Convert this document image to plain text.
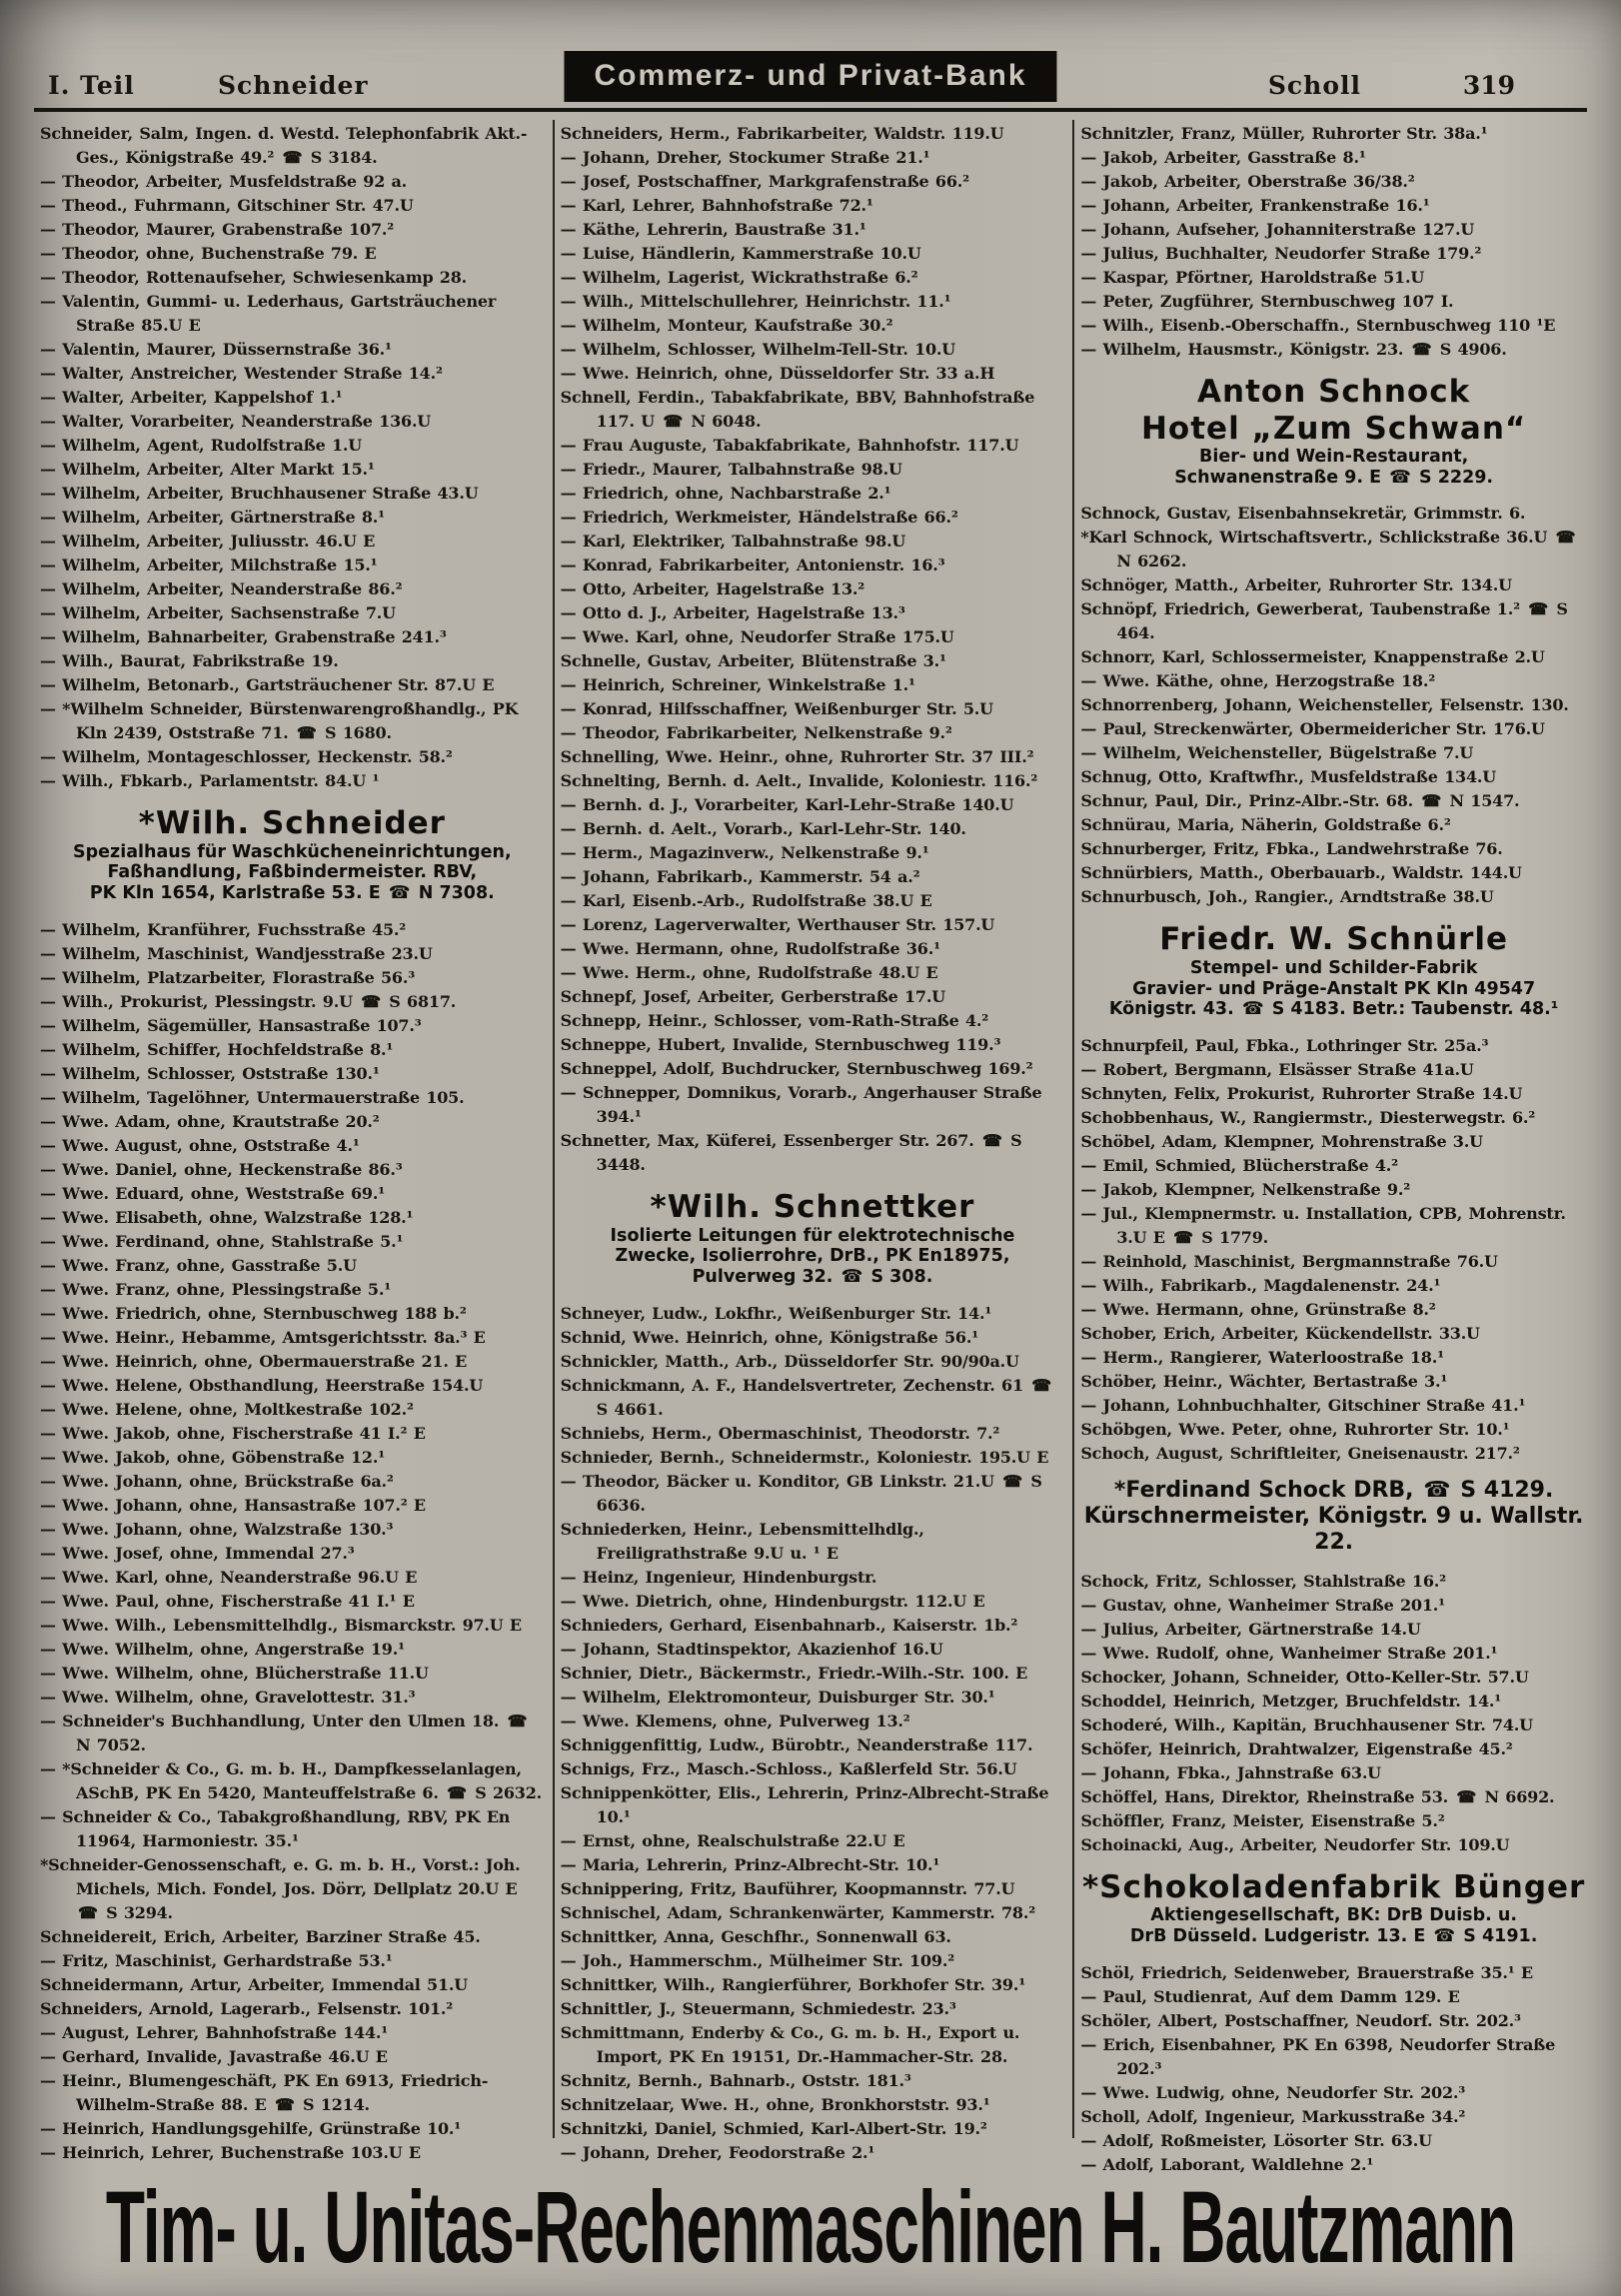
I. Teil	Schneider	Commerz- und Privat-Bank	Scholl	319
Schneider, Salm, Ingen. d. Westd. Telephonfabrik Akt.-Ges., Königstraße 49.² ☎ S 3184.
— Theodor, Arbeiter, Musfeldstraße 92 a.
— Theod., Fuhrmann, Gitschiner Str. 47.U
— Theodor, Maurer, Grabenstraße 107.²
— Theodor, ohne, Buchenstraße 79. E
— Theodor, Rottenaufseher, Schwiesenkamp 28.
— Valentin, Gummi- u. Lederhaus, Gartsträuchener Straße 85.U E
— Valentin, Maurer, Düssernstraße 36.¹
— Walter, Anstreicher, Westender Straße 14.²
— Walter, Arbeiter, Kappelshof 1.¹
— Walter, Vorarbeiter, Neanderstraße 136.U
— Wilhelm, Agent, Rudolfstraße 1.U
— Wilhelm, Arbeiter, Alter Markt 15.¹
— Wilhelm, Arbeiter, Bruchhausener Straße 43.U
— Wilhelm, Arbeiter, Gärtnerstraße 8.¹
— Wilhelm, Arbeiter, Juliusstr. 46.U E
— Wilhelm, Arbeiter, Milchstraße 15.¹
— Wilhelm, Arbeiter, Neanderstraße 86.²
— Wilhelm, Arbeiter, Sachsenstraße 7.U
— Wilhelm, Bahnarbeiter, Grabenstraße 241.³
— Wilh., Baurat, Fabrikstraße 19.
— Wilhelm, Betonarb., Gartsträuchener Str. 87.U E
— *Wilhelm Schneider, Bürstenwarengroßhandlg., PK Kln 2439, Oststraße 71. ☎ S 1680.
— Wilhelm, Montageschlosser, Heckenstr. 58.²
— Wilh., Fbkarb., Parlamentstr. 84.U ¹
*Wilh. Schneider
Spezialhaus für Waschkücheneinrichtungen,
Faßhandlung, Faßbindermeister. RBV,
PK Kln 1654, Karlstraße 53. E ☎ N 7308.
— Wilhelm, Kranführer, Fuchsstraße 45.²
— Wilhelm, Maschinist, Wandjesstraße 23.U
— Wilhelm, Platzarbeiter, Florastraße 56.³
— Wilh., Prokurist, Plessingstr. 9.U ☎ S 6817.
— Wilhelm, Sägemüller, Hansastraße 107.³
— Wilhelm, Schiffer, Hochfeldstraße 8.¹
— Wilhelm, Schlosser, Oststraße 130.¹
— Wilhelm, Tagelöhner, Untermauerstraße 105.
— Wwe. Adam, ohne, Krautstraße 20.²
— Wwe. August, ohne, Oststraße 4.¹
— Wwe. Daniel, ohne, Heckenstraße 86.³
— Wwe. Eduard, ohne, Weststraße 69.¹
— Wwe. Elisabeth, ohne, Walzstraße 128.¹
— Wwe. Ferdinand, ohne, Stahlstraße 5.¹
— Wwe. Franz, ohne, Gasstraße 5.U
— Wwe. Franz, ohne, Plessingstraße 5.¹
— Wwe. Friedrich, ohne, Sternbuschweg 188 b.²
— Wwe. Heinr., Hebamme, Amtsgerichtsstr. 8a.³ E
— Wwe. Heinrich, ohne, Obermauerstraße 21. E
— Wwe. Helene, Obsthandlung, Heerstraße 154.U
— Wwe. Helene, ohne, Moltkestraße 102.²
— Wwe. Jakob, ohne, Fischerstraße 41 I.² E
— Wwe. Jakob, ohne, Göbenstraße 12.¹
— Wwe. Johann, ohne, Brückstraße 6a.²
— Wwe. Johann, ohne, Hansastraße 107.² E
— Wwe. Johann, ohne, Walzstraße 130.³
— Wwe. Josef, ohne, Immendal 27.³
— Wwe. Karl, ohne, Neanderstraße 96.U E
— Wwe. Paul, ohne, Fischerstraße 41 I.¹ E
— Wwe. Wilh., Lebensmittelhdlg., Bismarckstr. 97.U E
— Wwe. Wilhelm, ohne, Angerstraße 19.¹
— Wwe. Wilhelm, ohne, Blücherstraße 11.U
— Wwe. Wilhelm, ohne, Gravelottestr. 31.³
— Schneider's Buchhandlung, Unter den Ulmen 18. ☎ N 7052.
— *Schneider & Co., G. m. b. H., Dampfkesselanlagen, ASchB, PK En 5420, Manteuffelstraße 6. ☎ S 2632.
— Schneider & Co., Tabakgroßhandlung, RBV, PK En 11964, Harmoniestr. 35.¹
*Schneider-Genossenschaft, e. G. m. b. H., Vorst.: Joh. Michels, Mich. Fondel, Jos. Dörr, Dellplatz 20.U E ☎ S 3294.
Schneidereit, Erich, Arbeiter, Barziner Straße 45.
— Fritz, Maschinist, Gerhardstraße 53.¹
Schneidermann, Artur, Arbeiter, Immendal 51.U
Schneiders, Arnold, Lagerarb., Felsenstr. 101.²
— August, Lehrer, Bahnhofstraße 144.¹
— Gerhard, Invalide, Javastraße 46.U E
— Heinr., Blumengeschäft, PK En 6913, Friedrich-Wilhelm-Straße 88. E ☎ S 1214.
— Heinrich, Handlungsgehilfe, Grünstraße 10.¹
— Heinrich, Lehrer, Buchenstraße 103.U E
Schneiders, Herm., Fabrikarbeiter, Waldstr. 119.U
— Johann, Dreher, Stockumer Straße 21.¹
— Josef, Postschaffner, Markgrafenstraße 66.²
— Karl, Lehrer, Bahnhofstraße 72.¹
— Käthe, Lehrerin, Baustraße 31.¹
— Luise, Händlerin, Kammerstraße 10.U
— Wilhelm, Lagerist, Wickrathstraße 6.²
— Wilh., Mittelschullehrer, Heinrichstr. 11.¹
— Wilhelm, Monteur, Kaufstraße 30.²
— Wilhelm, Schlosser, Wilhelm-Tell-Str. 10.U
— Wwe. Heinrich, ohne, Düsseldorfer Str. 33 a.H
Schnell, Ferdin., Tabakfabrikate, BBV, Bahnhofstraße 117. U ☎ N 6048.
— Frau Auguste, Tabakfabrikate, Bahnhofstr. 117.U
— Friedr., Maurer, Talbahnstraße 98.U
— Friedrich, ohne, Nachbarstraße 2.¹
— Friedrich, Werkmeister, Händelstraße 66.²
— Karl, Elektriker, Talbahnstraße 98.U
— Konrad, Fabrikarbeiter, Antonienstr. 16.³
— Otto, Arbeiter, Hagelstraße 13.²
— Otto d. J., Arbeiter, Hagelstraße 13.³
— Wwe. Karl, ohne, Neudorfer Straße 175.U
Schnelle, Gustav, Arbeiter, Blütenstraße 3.¹
— Heinrich, Schreiner, Winkelstraße 1.¹
— Konrad, Hilfsschaffner, Weißenburger Str. 5.U
— Theodor, Fabrikarbeiter, Nelkenstraße 9.²
Schnelling, Wwe. Heinr., ohne, Ruhrorter Str. 37 III.²
Schnelting, Bernh. d. Aelt., Invalide, Koloniestr. 116.²
— Bernh. d. J., Vorarbeiter, Karl-Lehr-Straße 140.U
— Bernh. d. Aelt., Vorarb., Karl-Lehr-Str. 140.
— Herm., Magazinverw., Nelkenstraße 9.¹
— Johann, Fabrikarb., Kammerstr. 54 a.²
— Karl, Eisenb.-Arb., Rudolfstraße 38.U E
— Lorenz, Lagerverwalter, Werthauser Str. 157.U
— Wwe. Hermann, ohne, Rudolfstraße 36.¹
— Wwe. Herm., ohne, Rudolfstraße 48.U E
Schnepf, Josef, Arbeiter, Gerberstraße 17.U
Schnepp, Heinr., Schlosser, vom-Rath-Straße 4.²
Schneppe, Hubert, Invalide, Sternbuschweg 119.³
Schneppel, Adolf, Buchdrucker, Sternbuschweg 169.²
— Schnepper, Domnikus, Vorarb., Angerhauser Straße 394.¹
Schnetter, Max, Küferei, Essenberger Str. 267. ☎ S 3448.
*Wilh. Schnettker
Isolierte Leitungen für elektrotechnische
Zwecke, Isolierrohre, DrB., PK En18975,
Pulverweg 32. ☎ S 308.
Schneyer, Ludw., Lokfhr., Weißenburger Str. 14.¹
Schnid, Wwe. Heinrich, ohne, Königstraße 56.¹
Schnickler, Matth., Arb., Düsseldorfer Str. 90/90a.U
Schnickmann, A. F., Handelsvertreter, Zechenstr. 61 ☎ S 4661.
Schniebs, Herm., Obermaschinist, Theodorstr. 7.²
Schnieder, Bernh., Schneidermstr., Koloniestr. 195.U E
— Theodor, Bäcker u. Konditor, GB Linkstr. 21.U ☎ S 6636.
Schniederken, Heinr., Lebensmittelhdlg., Freiligrathstraße 9.U u. ¹ E
— Heinz, Ingenieur, Hindenburgstr.
— Wwe. Dietrich, ohne, Hindenburgstr. 112.U E
Schnieders, Gerhard, Eisenbahnarb., Kaiserstr. 1b.²
— Johann, Stadtinspektor, Akazienhof 16.U
Schnier, Dietr., Bäckermstr., Friedr.-Wilh.-Str. 100. E
— Wilhelm, Elektromonteur, Duisburger Str. 30.¹
— Wwe. Klemens, ohne, Pulverweg 13.²
Schniggenfittig, Ludw., Bürobtr., Neanderstraße 117.
Schnigs, Frz., Masch.-Schloss., Kaßlerfeld Str. 56.U
Schnippenkötter, Elis., Lehrerin, Prinz-Albrecht-Straße 10.¹
— Ernst, ohne, Realschulstraße 22.U E
— Maria, Lehrerin, Prinz-Albrecht-Str. 10.¹
Schnippering, Fritz, Bauführer, Koopmannstr. 77.U
Schnischel, Adam, Schrankenwärter, Kammerstr. 78.²
Schnittker, Anna, Geschfhr., Sonnenwall 63.
— Joh., Hammerschm., Mülheimer Str. 109.²
Schnittker, Wilh., Rangierführer, Borkhofer Str. 39.¹
Schnittler, J., Steuermann, Schmiedestr. 23.³
Schmittmann, Enderby & Co., G. m. b. H., Export u. Import, PK En 19151, Dr.-Hammacher-Str. 28.
Schnitz, Bernh., Bahnarb., Oststr. 181.³
Schnitzelaar, Wwe. H., ohne, Bronkhorststr. 93.¹
Schnitzki, Daniel, Schmied, Karl-Albert-Str. 19.²
— Johann, Dreher, Feodorstraße 2.¹
Schnitzler, Franz, Müller, Ruhrorter Str. 38a.¹
— Jakob, Arbeiter, Gasstraße 8.¹
— Jakob, Arbeiter, Oberstraße 36/38.²
— Johann, Arbeiter, Frankenstraße 16.¹
— Johann, Aufseher, Johanniterstraße 127.U
— Julius, Buchhalter, Neudorfer Straße 179.²
— Kaspar, Pförtner, Haroldstraße 51.U
— Peter, Zugführer, Sternbuschweg 107 I.
— Wilh., Eisenb.-Oberschaffn., Sternbuschweg 110 ¹E
— Wilhelm, Hausmstr., Königstr. 23. ☎ S 4906.
Anton Schnock
Hotel „Zum Schwan“
Bier- und Wein-Restaurant,
Schwanenstraße 9. E ☎ S 2229.
Schnock, Gustav, Eisenbahnsekretär, Grimmstr. 6.
*Karl Schnock, Wirtschaftsvertr., Schlickstraße 36.U ☎ N 6262.
Schnöger, Matth., Arbeiter, Ruhrorter Str. 134.U
Schnöpf, Friedrich, Gewerberat, Taubenstraße 1.² ☎ S 464.
Schnorr, Karl, Schlossermeister, Knappenstraße 2.U
— Wwe. Käthe, ohne, Herzogstraße 18.²
Schnorrenberg, Johann, Weichensteller, Felsenstr. 130.
— Paul, Streckenwärter, Obermeidericher Str. 176.U
— Wilhelm, Weichensteller, Bügelstraße 7.U
Schnug, Otto, Kraftwfhr., Musfeldstraße 134.U
Schnur, Paul, Dir., Prinz-Albr.-Str. 68. ☎ N 1547.
Schnürau, Maria, Näherin, Goldstraße 6.²
Schnurberger, Fritz, Fbka., Landwehrstraße 76.
Schnürbiers, Matth., Oberbauarb., Waldstr. 144.U
Schnurbusch, Joh., Rangier., Arndtstraße 38.U
Friedr. W. Schnürle
Stempel- und Schilder-Fabrik
Gravier- und Präge-Anstalt PK Kln 49547
Königstr. 43. ☎ S 4183. Betr.: Taubenstr. 48.¹
Schnurpfeil, Paul, Fbka., Lothringer Str. 25a.³
— Robert, Bergmann, Elsässer Straße 41a.U
Schnyten, Felix, Prokurist, Ruhrorter Straße 14.U
Schobbenhaus, W., Rangiermstr., Diesterwegstr. 6.²
Schöbel, Adam, Klempner, Mohrenstraße 3.U
— Emil, Schmied, Blücherstraße 4.²
— Jakob, Klempner, Nelkenstraße 9.²
— Jul., Klempnermstr. u. Installation, CPB, Mohrenstr. 3.U E ☎ S 1779.
— Reinhold, Maschinist, Bergmannstraße 76.U
— Wilh., Fabrikarb., Magdalenenstr. 24.¹
— Wwe. Hermann, ohne, Grünstraße 8.²
Schober, Erich, Arbeiter, Kückendellstr. 33.U
— Herm., Rangierer, Waterloostraße 18.¹
Schöber, Heinr., Wächter, Bertastraße 3.¹
— Johann, Lohnbuchhalter, Gitschiner Straße 41.¹
Schöbgen, Wwe. Peter, ohne, Ruhrorter Str. 10.¹
Schoch, August, Schriftleiter, Gneisenaustr. 217.²
*Ferdinand Schock DRB, ☎ S 4129.
Kürschnermeister, Königstr. 9 u. Wallstr. 22.
Schock, Fritz, Schlosser, Stahlstraße 16.²
— Gustav, ohne, Wanheimer Straße 201.¹
— Julius, Arbeiter, Gärtnerstraße 14.U
— Wwe. Rudolf, ohne, Wanheimer Straße 201.¹
Schocker, Johann, Schneider, Otto-Keller-Str. 57.U
Schoddel, Heinrich, Metzger, Bruchfeldstr. 14.¹
Schoderé, Wilh., Kapitän, Bruchhausener Str. 74.U
Schöfer, Heinrich, Drahtwalzer, Eigenstraße 45.²
— Johann, Fbka., Jahnstraße 63.U
Schöffel, Hans, Direktor, Rheinstraße 53. ☎ N 6692.
Schöffler, Franz, Meister, Eisenstraße 5.²
Schoinacki, Aug., Arbeiter, Neudorfer Str. 109.U
*Schokoladenfabrik Bünger
Aktiengesellschaft, BK: DrB Duisb. u.
DrB Düsseld. Ludgeristr. 13. E ☎ S 4191.
Schöl, Friedrich, Seidenweber, Brauerstraße 35.¹ E
— Paul, Studienrat, Auf dem Damm 129. E
Schöler, Albert, Postschaffner, Neudorf. Str. 202.³
— Erich, Eisenbahner, PK En 6398, Neudorfer Straße 202.³
— Wwe. Ludwig, ohne, Neudorfer Str. 202.³
Scholl, Adolf, Ingenieur, Markusstraße 34.²
— Adolf, Roßmeister, Lösorter Str. 63.U
— Adolf, Laborant, Waldlehne 2.¹
Tim- u. Unitas-Rechenmaschinen H. Bautzmann
